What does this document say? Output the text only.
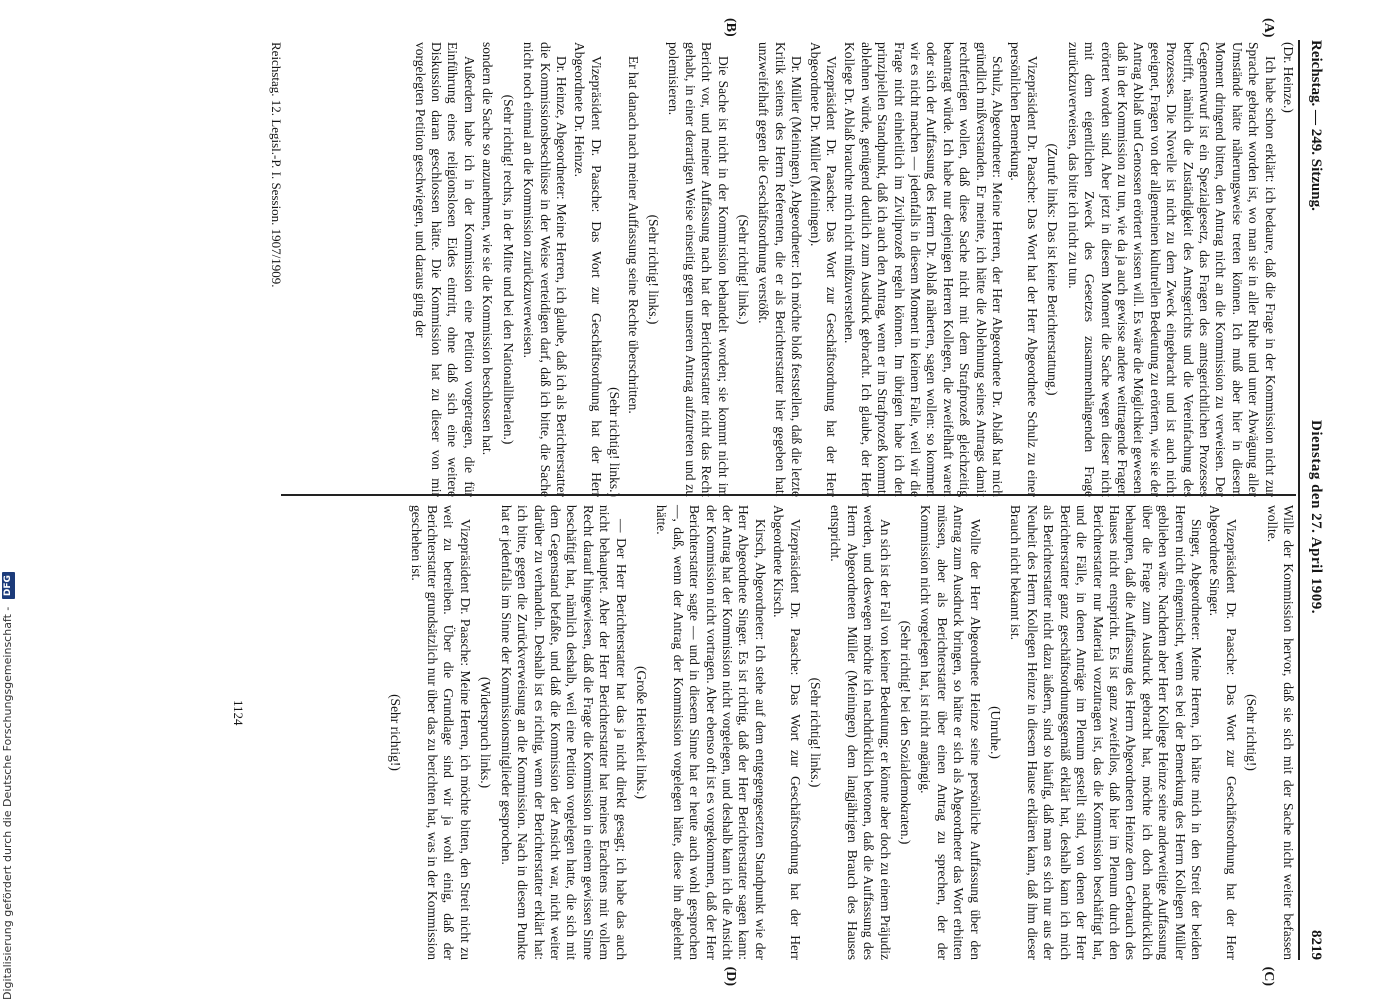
Reichstag. — 249. Sitzung.
Dienstag den 27. April 1909.
8219
(A)
(B)
(C)
(D)

(Dr. Heinze.)

Ich habe schon erklärt: ich bedaure, daß die Frage in der Kommission nicht zur Sprache gebracht worden ist, wo man sie in aller Ruhe und unter Abwägung aller Umstände hätte näherungsweise treten können. Ich muß aber hier in diesem Moment dringend bitten, den Antrag nicht an die Kommission zu verweisen. Der Gegenentwurf ist ein Spezialgesetz, das Fragen des amtsgerichtlichen Prozesses betrifft, nämlich die Zuständigkeit des Amtsgerichts und die Vereinfachung des Prozesses. Die Novelle ist nicht zu dem Zweck eingebracht und ist auch nicht geeignet, Fragen von der allgemeinen kulturellen Bedeutung zu erörtern, wie sie der Antrag Ablaß und Genossen erörtert wissen will. Es wäre die Möglichkeit gewesen, daß in der Kommission zu tun, wie da ja auch gewisse andere weittragende Fragen erörtert worden sind. Aber jetzt in diesem Moment die Sache wegen dieser nicht mit dem eigentlichen Zweck des Gesetzes zusammenhängenden Frage zurückzuverweisen, das bitte ich nicht zu tun.

(Zurufe links: Das ist keine Berichterstattung.)

Vizepräsident Dr. Paasche: Das Wort hat der Herr Abgeordnete Schulz zu einer persönlichen Bemerkung.

Schulz, Abgeordneter: Meine Herren, der Herr Abgeordnete Dr. Ablaß hat mich gründlich mißverstanden. Er meinte, ich hätte die Ablehnung seines Antrags damit rechtfertigen wollen, daß diese Sache nicht mit dem Strafprozeß gleichzeitig beantragt würde. Ich habe nur denjenigen Herren Kollegen, die zweifelhaft waren oder sich der Auffassung des Herrn Dr. Ablaß näherten, sagen wollen: so kommen wir es nicht machen — jedenfalls in diesem Moment in keinem Falle, weil wir die Frage nicht einheitlich im Zivilprozeß regeln können. Im übrigen habe ich den prinzipiellen Standpunkt, daß ich auch den Antrag, wenn er im Strafprozeß kommt, ablehnen würde, genügend deutlich zum Ausdruck gebracht. Ich glaube, der Herr Kollege Dr. Ablaß brauchte mich nicht mißzuverstehen.

Vizepräsident Dr. Paasche: Das Wort zur Geschäftsordnung hat der Herr Abgeordnete Dr. Müller (Meiningen).

Dr. Müller (Meiningen), Abgeordneter: Ich möchte bloß feststellen, daß die letzte Kritik seitens des Herrn Referenten, die er als Berichterstatter hier gegeben hat, unzweifelhaft gegen die Geschäftsordnung verstößt.

(Sehr richtig! links.)

Die Sache ist nicht in der Kommission behandelt worden; sie kommt nicht im Bericht vor, und meiner Auffassung nach hat der Berichterstatter nicht das Recht gehabt, in einer derartigen Weise einseitig gegen unseren Antrag aufzutreten und zu polemisieren.

(Sehr richtig! links.)

Er hat danach nach meiner Auffassung seine Rechte überschritten.

(Sehr richtig! links.)

Vizepräsident Dr. Paasche: Das Wort zur Geschäftsordnung hat der Herr Abgeordnete Dr. Heinze.

Dr. Heinze, Abgeordneter: Meine Herren, ich glaube, daß ich als Berichterstatter die Kommissionsbeschlüsse in der Weise verteidigen darf, daß ich bitte, die Sache nicht noch einmal an die Kommission zurückzuverweisen.

(Sehr richtig! rechts, in der Mitte und bei den Nationalliberalen.)

sondern die Sache so anzunehmen, wie sie die Kommission beschlossen hat.

Außerdem habe ich in der Kommission eine Petition vorgetragen, die für Einführung eines religionslosen Eides eintritt, ohne daß sich eine weitere Diskussion daran geschlossen hätte. Die Kommission hat zu dieser von mir vorgelegten Petition geschwiegen, und daraus ging der

Wille der Kommission hervor, daß sie sich mit der Sache nicht weiter befassen wollte.

(Sehr richtig!)

Vizepräsident Dr. Paasche: Das Wort zur Geschäftsordnung hat der Herr Abgeordnete Singer.

Singer, Abgeordneter: Meine Herren, ich hätte mich in den Streit der beiden Herren nicht eingemischt, wenn es bei der Bemerkung des Herrn Kollegen Müller geblieben wäre. Nachdem aber Herr Kollege Heinze seine anderweitige Auffassung über die Frage zum Ausdruck gebracht hat, möchte ich doch nachdrücklich behaupten, daß die Auffassung des Herrn Abgeordneten Heinze dem Gebrauch des Hauses nicht entspricht. Es ist ganz zweifellos, daß hier im Plenum durch den Berichterstatter nur Material vorzutragen ist, das die Kommission beschäftigt hat, und die Fälle, in denen Anträge im Plenum gestellt sind, von denen der Herr Berichterstatter ganz geschäftsordnungsgemäß erklärt hat, deshalb kann ich mich als Berichterstatter nicht dazu äußern, sind so häufig, daß man es sich nur aus der Neuheit des Herrn Kollegen Heinze in diesem Hause erklären kann, daß ihm dieser Brauch nicht bekannt ist.

(Unruhe.)

Wollte der Herr Abgeordnete Heinze seine persönliche Auffassung über den Antrag zum Ausdruck bringen, so hätte er sich als Abgeordneter das Wort erbitten müssen, aber als Berichterstatter über einen Antrag zu sprechen, der der Kommission nicht vorgelegen hat, ist nicht angängig.

(Sehr richtig! bei den Sozialdemokraten.)

An sich ist der Fall von keiner Bedeutung; er könnte aber doch zu einem Präjudiz werden, und deswegen möchte ich nachdrücklich betonen, daß die Auffassung des Herrn Abgeordneten Müller (Meiningen) dem langjährigen Brauch des Hauses entspricht.

(Sehr richtig! links.)

Vizepräsident Dr. Paasche: Das Wort zur Geschäftsordnung hat der Herr Abgeordnete Kirsch.

Kirsch, Abgeordneter: Ich stehe auf dem entgegengesetzten Standpunkt wie der Herr Abgeordnete Singer. Es ist richtig, daß der Herr Berichterstatter sagen kann: der Antrag hat der Kommission nicht vorgelegen, und deshalb kann ich die Ansicht der Kommission nicht vortragen. Aber ebenso oft ist es vorgekommen, daß der Herr Berichterstatter sagte — und in diesem Sinne hat er heute auch wohl gesprochen —, daß, wenn der Antrag der Kommission vorgelegen hätte, diese ihn abgelehnt hätte.

(Große Heiterkeit links.)

— Der Herr Berichterstatter hat das ja nicht direkt gesagt; ich habe das auch nicht behauptet. Aber der Herr Berichterstatter hat meines Erachtens mit vollem Recht darauf hingewiesen, daß die Frage die Kommission in einem gewissen Sinne beschäftigt hat, nämlich deshalb, weil eine Petition vorgelegen hatte, die sich mit dem Gegenstand befaßte, und daß die Kommission der Ansicht war, nicht weiter darüber zu verhandeln. Deshalb ist es richtig, wenn der Berichterstatter erklärt hat: ich bitte, gegen die Zurückverweisung an die Kommission. Nach in diesem Punkte hat er jedenfalls im Sinne der Kommissionsmitglieder gesprochen.

(Widerspruch links.)

Vizepräsident Dr. Paasche: Meine Herren, ich möchte bitten, den Streit nicht zu weit zu betreiben. Über die Grundlage sind wir ja wohl einig, daß der Berichterstatter grundsätzlich nur über das zu berichten hat, was in der Kommission geschehen ist.

(Sehr richtig!)

Reichstag. 12. Legisl.-P. I. Session. 1907/1909.
1124
Digitalisierung gefördert durch die Deutsche Forschungsgemeinschaft - DFG
